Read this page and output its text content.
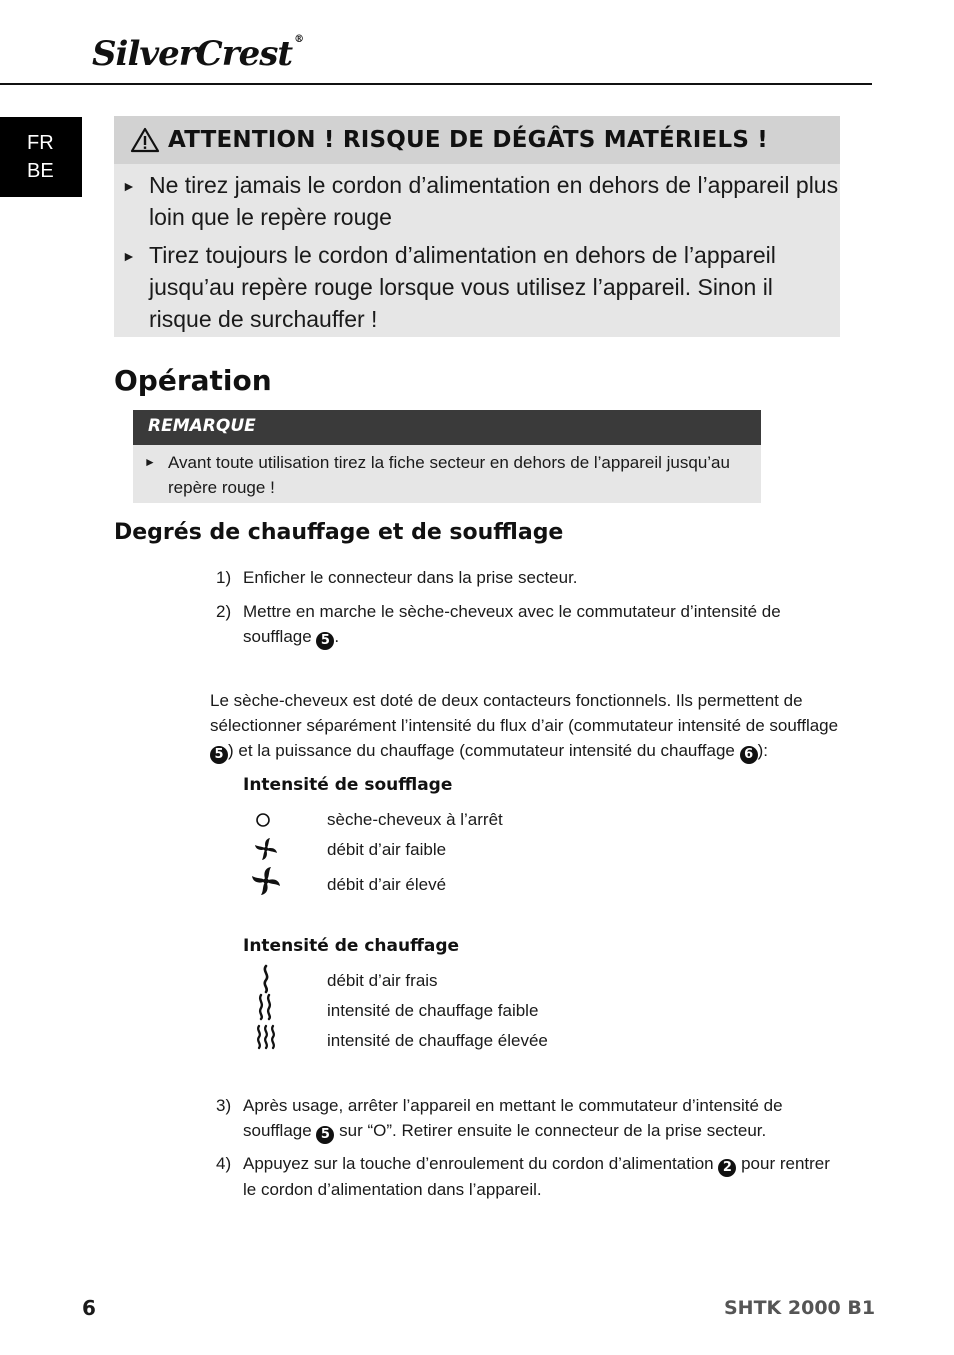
SilverCrest ®
FR
BE
ATTENTION ! RISQUE DE DÉGÂTS MATÉRIELS !
► Ne tirez jamais le cordon d’alimentation en dehors de l’appareil plus loin que le repère rouge
► Tirez toujours le cordon d’alimentation en dehors de l’appareil jusqu’au repère rouge lorsque vous utilisez l’appareil. Sinon il risque de surchauffer !
Opération
REMARQUE
► Avant toute utilisation tirez la fiche secteur en dehors de l’appareil jusqu’au repère rouge !
Degrés de chauffage et de soufflage
1) Enficher le connecteur dans la prise secteur.
2) Mettre en marche le sèche-cheveux avec le commutateur d’intensité de soufflage 5 .
Le sèche-cheveux est doté de deux contacteurs fonctionnels. Ils permettent de sélectionner séparément l’intensité du flux d’air (commutateur intensité de soufflage 5 ) et la puissance du chauffage (commutateur intensité du chauffage 6 ):
Intensité de soufflage
sèche-cheveux à l’arrêt
débit d’air faible
débit d’air élevé
Intensité de chauffage
débit d’air frais
intensité de chauffage faible
intensité de chauffage élevée
3) Après usage, arrêter l’appareil en mettant le commutateur d’intensité de soufflage 5 sur “O”. Retirer ensuite le connecteur de la prise secteur.
4) Appuyez sur la touche d’enroulement du cordon d’alimentation 2 pour rentrer le cordon d’alimentation dans l’appareil.
6	SHTK 2000 B1
